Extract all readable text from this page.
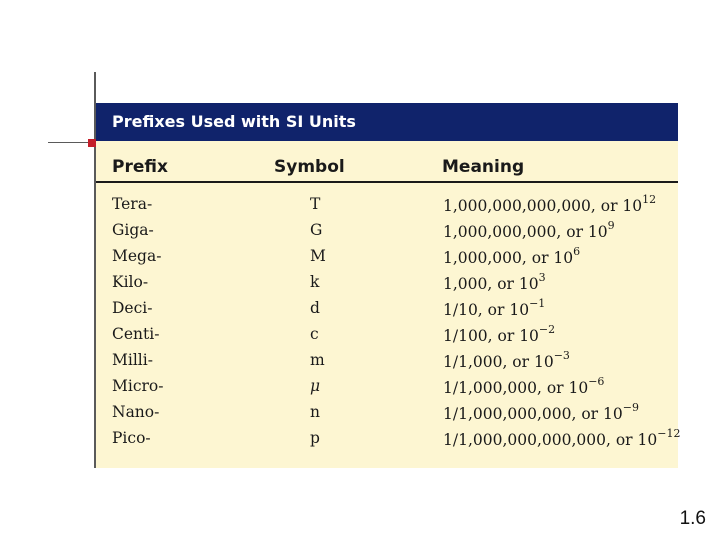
Prefixes Used with SI Units
Prefix	Symbol	Meaning
Tera-	T	1,000,000,000,000, or $10^{12}$
Giga-	G	1,000,000,000, or $10^9$
Mega-	M	1,000,000, or $10^6$
Kilo-	k	1,000, or $10^3$
Deci-	d	1/10, or $10^{-1}$
Centi-	c	1/100, or $10^{-2}$
Milli-	m	1/1,000, or $10^{-3}$
Micro-	μ	1/1,000,000, or $10^{-6}$
Nano-	n	1/1,000,000,000, or $10^{-9}$
Pico-	p	1/1,000,000,000,000, or $10^{-12}$
1.6
